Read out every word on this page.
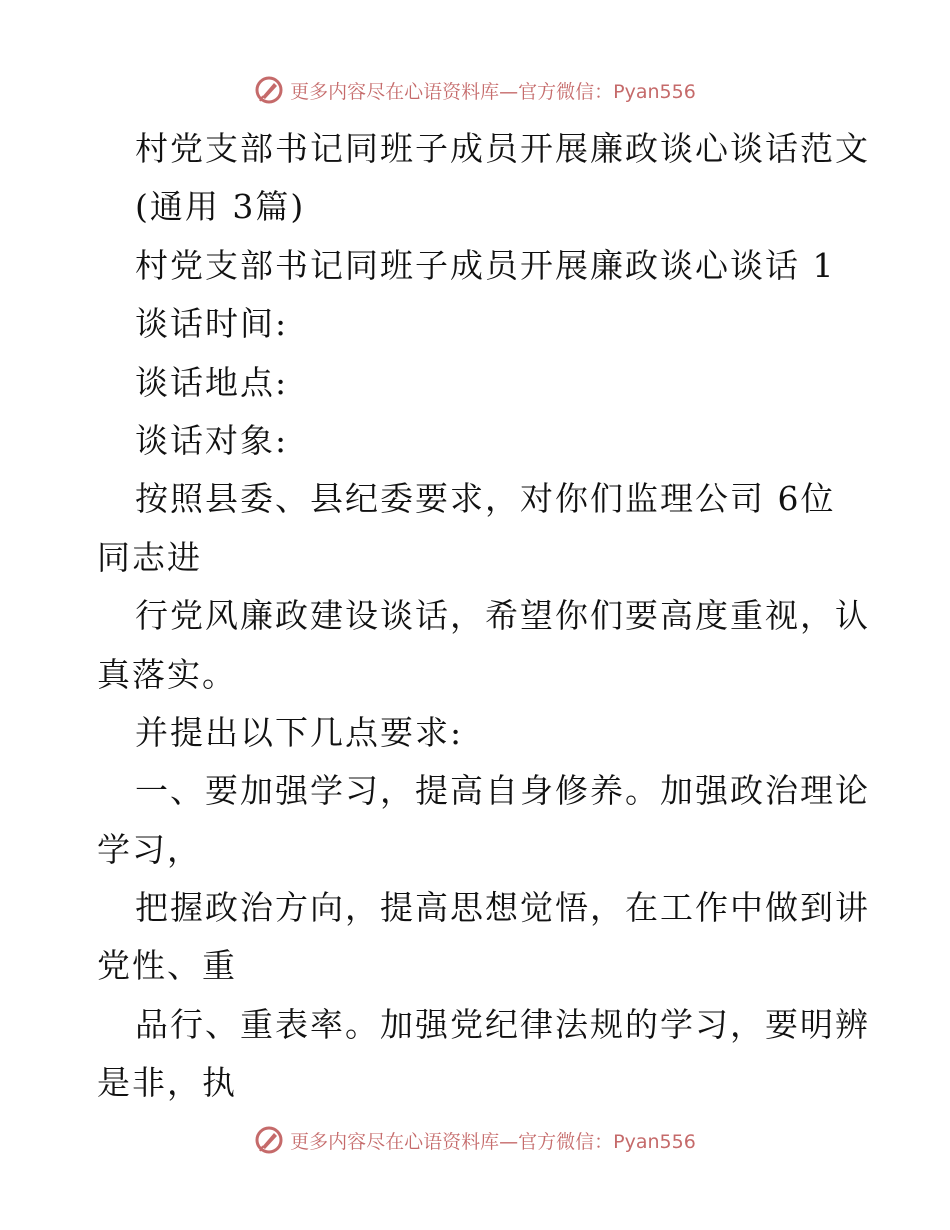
更多内容尽在心语资料库—官方微信：Pyan556
村党支部书记同班子成员开展廉政谈心谈话范文
(通用 3篇)
村党支部书记同班子成员开展廉政谈心谈话 1
谈话时间:
谈话地点:
谈话对象:
按照县委、县纪委要求，对你们监理公司 6位
同志进
行党风廉政建设谈话，希望你们要高度重视，认
真落实。
并提出以下几点要求:
一、要加强学习，提高自身修养。加强政治理论
学习，
把握政治方向，提高思想觉悟，在工作中做到讲
党性、重
品行、重表率。加强党纪律法规的学习，要明辨
是非，执
更多内容尽在心语资料库—官方微信：Pyan556
